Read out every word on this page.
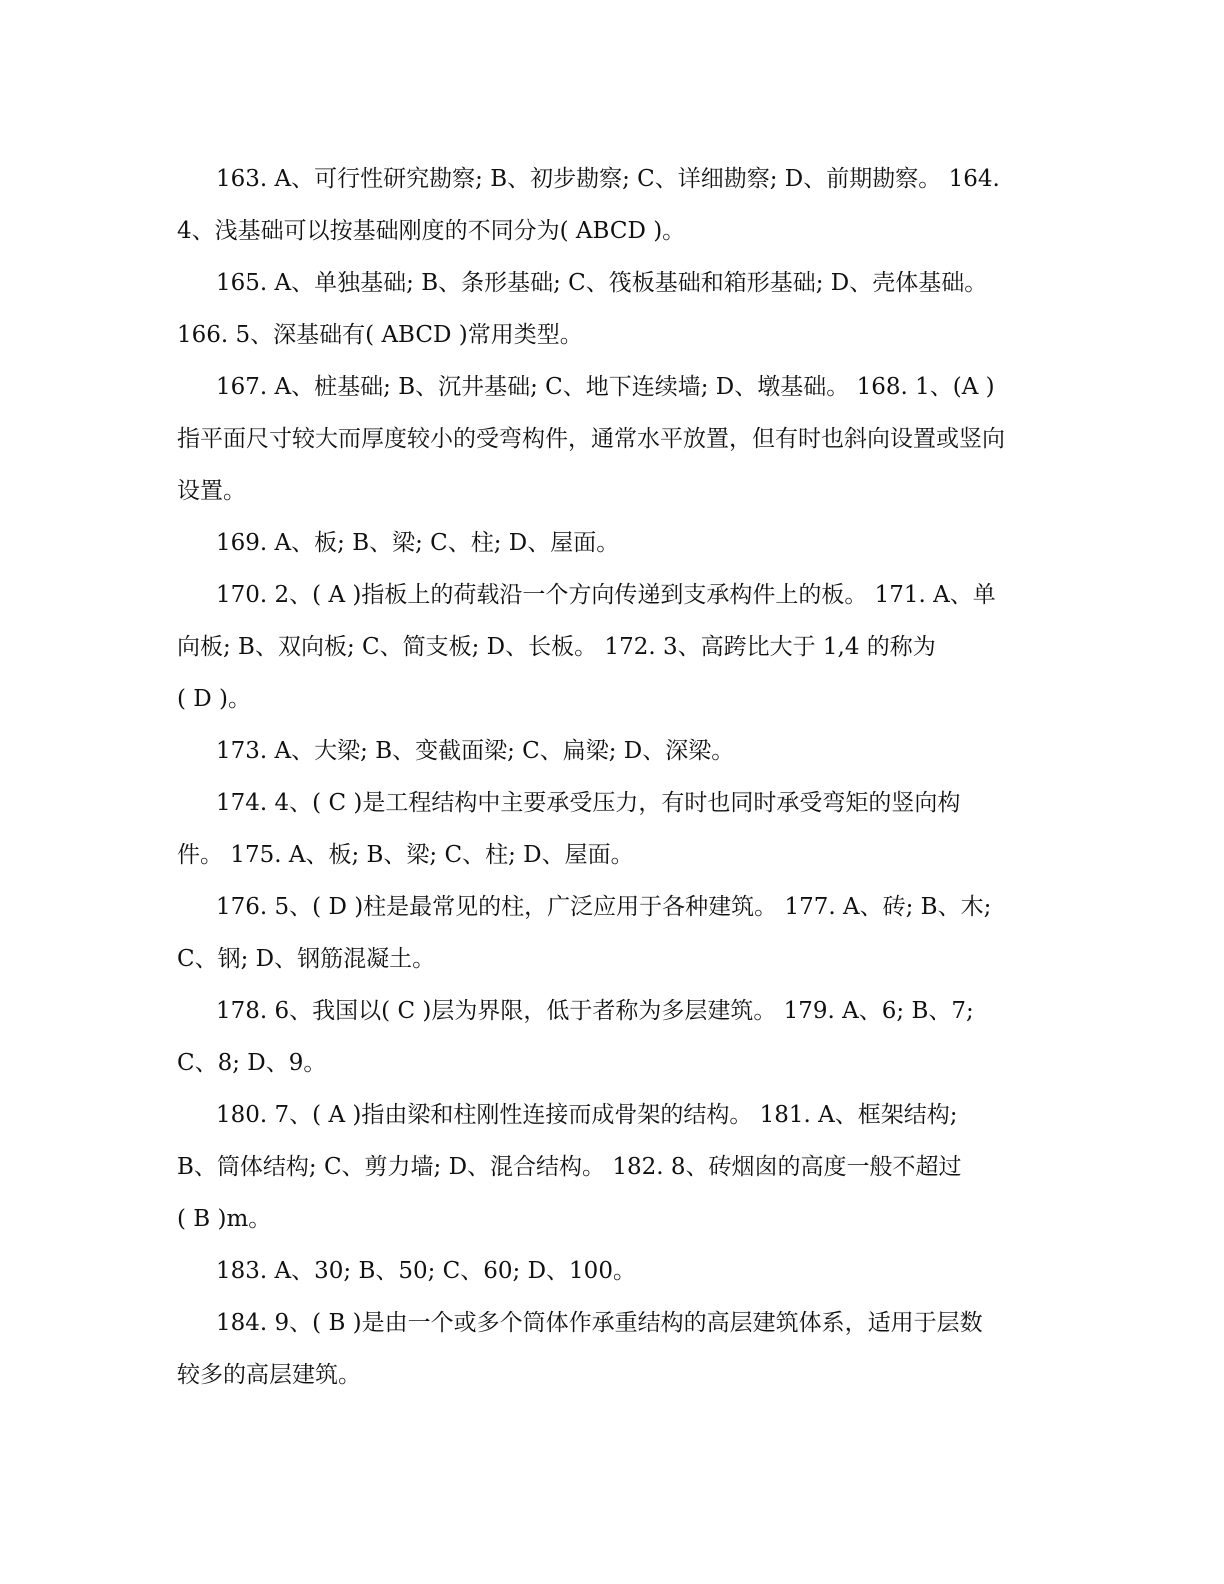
163. A、可行性研究勘察; B、初步勘察; C、详细勘察; D、前期勘察。 164.
4、浅基础可以按基础刚度的不同分为( ABCD )。
165. A、单独基础; B、条形基础; C、筏板基础和箱形基础; D、壳体基础。
166. 5、深基础有( ABCD )常用类型。
167. A、桩基础; B、沉井基础; C、地下连续墙; D、墩基础。 168. 1、(A )
指平面尺寸较大而厚度较小的受弯构件，通常水平放置，但有时也斜向设置或竖向
设置。
169. A、板; B、梁; C、柱; D、屋面。
170. 2、( A )指板上的荷载沿一个方向传递到支承构件上的板。 171. A、单
向板; B、双向板; C、简支板; D、长板。 172. 3、高跨比大于 1,4 的称为
( D )。
173. A、大梁; B、变截面梁; C、扁梁; D、深梁。
174. 4、( C )是工程结构中主要承受压力，有时也同时承受弯矩的竖向构
件。 175. A、板; B、梁; C、柱; D、屋面。
176. 5、( D )柱是最常见的柱，广泛应用于各种建筑。 177. A、砖; B、木;
C、钢; D、钢筋混凝土。
178. 6、我国以( C )层为界限，低于者称为多层建筑。 179. A、6; B、7;
C、8; D、9。
180. 7、( A )指由梁和柱刚性连接而成骨架的结构。 181. A、框架结构;
B、筒体结构; C、剪力墙; D、混合结构。 182. 8、砖烟囱的高度一般不超过
( B )m。
183. A、30; B、50; C、60; D、100。
184. 9、( B )是由一个或多个筒体作承重结构的高层建筑体系，适用于层数
较多的高层建筑。
